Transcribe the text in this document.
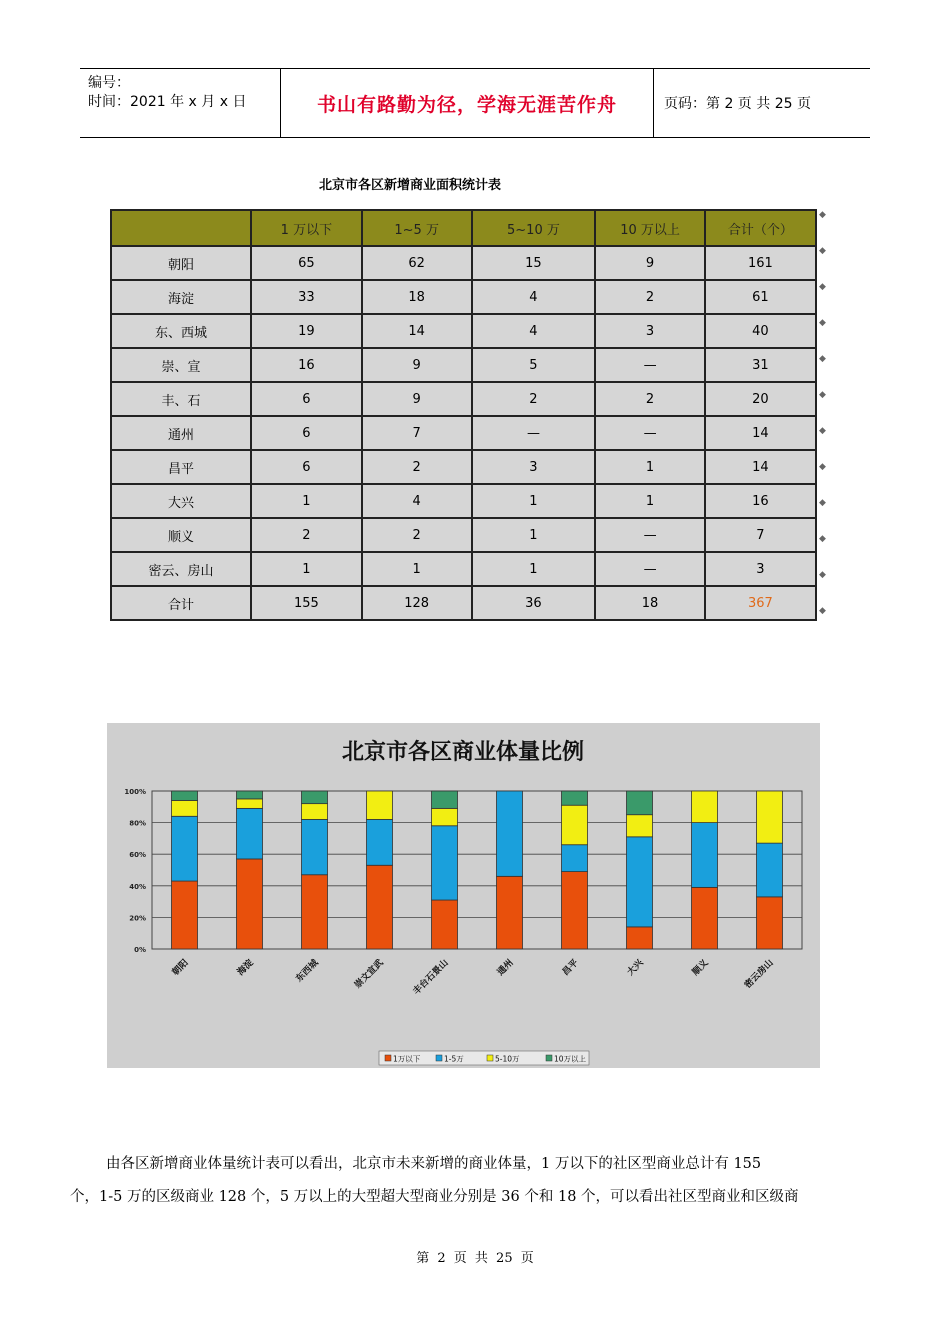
编号：
时间：2021 年 x 月 x 日	书山有路勤为径，学海无涯苦作舟	页码：第 2 页 共 25 页
北京市各区新增商业面积统计表
	1 万以下	1~5 万	5~10 万	10 万以上	合计（个）
朝阳	65	62	15	9	161
海淀	33	18	4	2	61
东、西城	19	14	4	3	40
崇、宣	16	9	5	—	31
丰、石	6	9	2	2	20
通州	6	7	—	—	14
昌平	6	2	3	1	14
大兴	1	4	1	1	16
顺义	2	2	1	—	7
密云、房山	1	1	1	—	3
合计	155	128	36	18	367
◆
◆
◆
◆
◆
◆
◆
◆
◆
◆
◆
◆
北京市各区商业体量比例
0%
20%
40%
60%
80%
100%
朝阳	海淀	东西城	崇文宣武	丰台石景山	通州	昌平	大兴	顺义	密云房山
1万以下	1-5万	5-10万	10万以上
由各区新增商业体量统计表可以看出，北京市未来新增的商业体量，1 万以下的社区型商业总计有 155
个，1-5 万的区级商业 128 个，5 万以上的大型超大型商业分别是 36 个和 18 个，可以看出社区型商业和区级商
第 2 页 共 25 页
